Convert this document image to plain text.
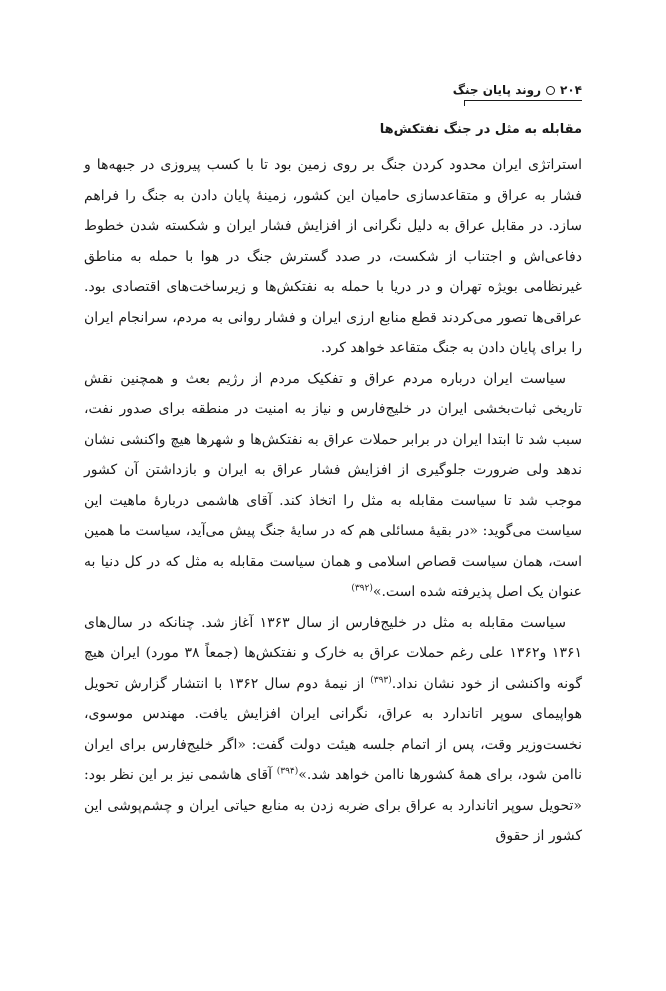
۲۰۴روند پایان جنگ
مقابله به مثل در جنگ نفتکش‌ها

استراتژی ایران محدود کردن جنگ بر روی زمین بود تا با کسب پیروزی در جبهه‌ها و فشار به عراق و متقاعدسازی حامیان این کشور، زمینهٔ پایان دادن به جنگ را فراهم سازد. در مقابل عراق به دلیل نگرانی از افزایش فشار ایران و شکسته شدن خطوط دفاعی‌اش و اجتناب از شکست، در صدد گسترش جنگ در هوا با حمله به مناطق غیرنظامی بویژه تهران و در دریا با حمله به نفتکش‌ها و زیرساخت‌های اقتصادی بود. عراقی‌ها تصور می‌کردند قطع منابع ارزی ایران و فشار روانی به مردم، سرانجام ایران را برای پایان دادن به جنگ متقاعد خواهد کرد.

سیاست ایران درباره مردم عراق و تفکیک مردم از رژیم بعث و همچنین نقش تاریخی ثبات‌بخشی ایران در خلیج‌فارس و نیاز به امنیت در منطقه برای صدور نفت، سبب شد تا ابتدا ایران در برابر حملات عراق به نفتکش‌ها و شهرها هیچ واکنشی نشان ندهد ولی ضرورت جلوگیری از افزایش فشار عراق به ایران و بازداشتن آن کشور موجب شد تا سیاست مقابله به مثل را اتخاذ کند. آقای هاشمی دربارهٔ ماهیت این سیاست می‌گوید: «در بقیهٔ مسائلی هم که در سایهٔ جنگ پیش می‌آید، سیاست ما همین است، همان سیاست قصاص اسلامی و همان سیاست مقابله به مثل که در کل دنیا به عنوان یک اصل پذیرفته شده است.»$^{(۳۹۲)}$

سیاست مقابله به مثل در خلیج‌فارس از سال ۱۳۶۳ آغاز شد. چنانکه در سال‌های ۱۳۶۱ و۱۳۶۲ علی رغم حملات عراق به خارک و نفتکش‌ها (جمعاً ۳۸ مورد) ایران هیچ گونه واکنشی از خود نشان نداد.$^{(۳۹۳)}$ از نیمهٔ دوم سال ۱۳۶۲ با انتشار گزارش تحویل هواپیمای سوپر اتاندارد به عراق، نگرانی ایران افزایش یافت. مهندس موسوی، نخست‌وزیر وقت، پس از اتمام جلسه هیئت دولت گفت: «اگر خلیج‌فارس برای ایران ناامن شود، برای همهٔ کشورها ناامن خواهد شد.»$^{(۳۹۴)}$ آقای هاشمی نیز بر این نظر بود: «تحویل سوپر اتاندارد به عراق برای ضربه زدن به منابع حیاتی ایران و چشم‌پوشی این کشور از حقوق
